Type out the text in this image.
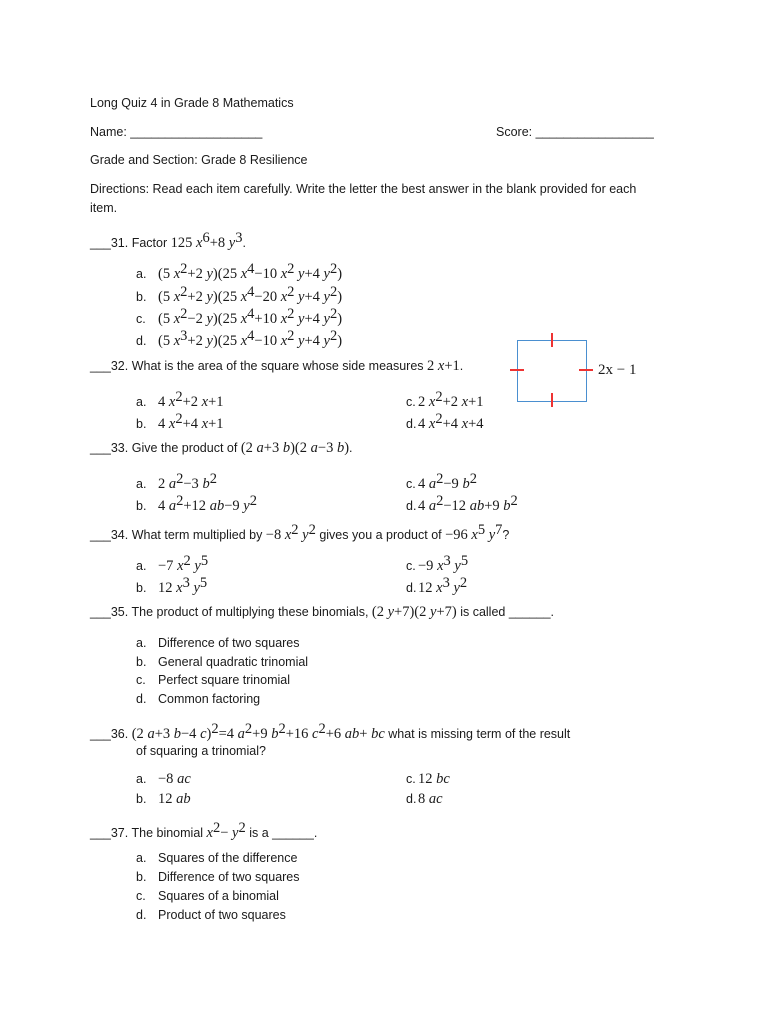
Long Quiz 4 in Grade 8 Mathematics
Name: ___________________	Score: _________________
Grade and Section: Grade 8 Resilience
Directions: Read each item carefully. Write the letter the best answer in the blank provided for each item.
2x − 1
___31. Factor 125 $x^6+8$ $y^3$.
a. (5 $x^2+2$ y)(25 $x^4-10$ $x^2$ y+4 $y^2$)
b. (5 $x^2+2$ y)(25 $x^4-20$ $x^2$ y+4 $y^2$)
c. (5 $x^2-2$ y)(25 $x^4+10$ $x^2$ y+4 $y^2$)
d. (5 $x^3+2$ y)(25 $x^4-10$ $x^2$ y+4 $y^2$)
___32. What is the area of the square whose side measures 2 x+1.
a. 4 $x^2+2$ x+1
b. 4 $x^2+4$ x+1
c. 2 $x^2+2$ x+1
d. 4 $x^2+4$ x+4
___33. Give the product of (2 a+3 b)(2 a−3 b).
a. 2 $a^2-3$ $b^2$
b. 4 $a^2+12$ ab−9 $y^2$
c. 4 $a^2-9$ $b^2$
d. 4 $a^2-12$ ab+9 $b^2$
___34. What term multiplied by −8 $x^2$ $y^2$ gives you a product of −96 $x^5$ $y^7$?
a. −7 $x^2$ $y^5$
b. 12 $x^3$ $y^5$
c. −9 $x^3$ $y^5$
d. 12 $x^3$ $y^2$
___35. The product of multiplying these binomials, (2 y+7)(2 y+7) is called ______.
a. Difference of two squares
b. General quadratic trinomial
c. Perfect square trinomial
d. Common factoring
___36. (2 a+3 b−4 c)$^2$=4 $a^2+9$ $b^2+16$ $c^2+6$ ab+ bc what is missing term of the result
of squaring a trinomial?
a. −8 ac
b. 12 ab
c. 12 bc
d. 8 ac
___37. The binomial $x^2- y^2$ is a ______.
a. Squares of the difference
b. Difference of two squares
c. Squares of a binomial
d. Product of two squares
